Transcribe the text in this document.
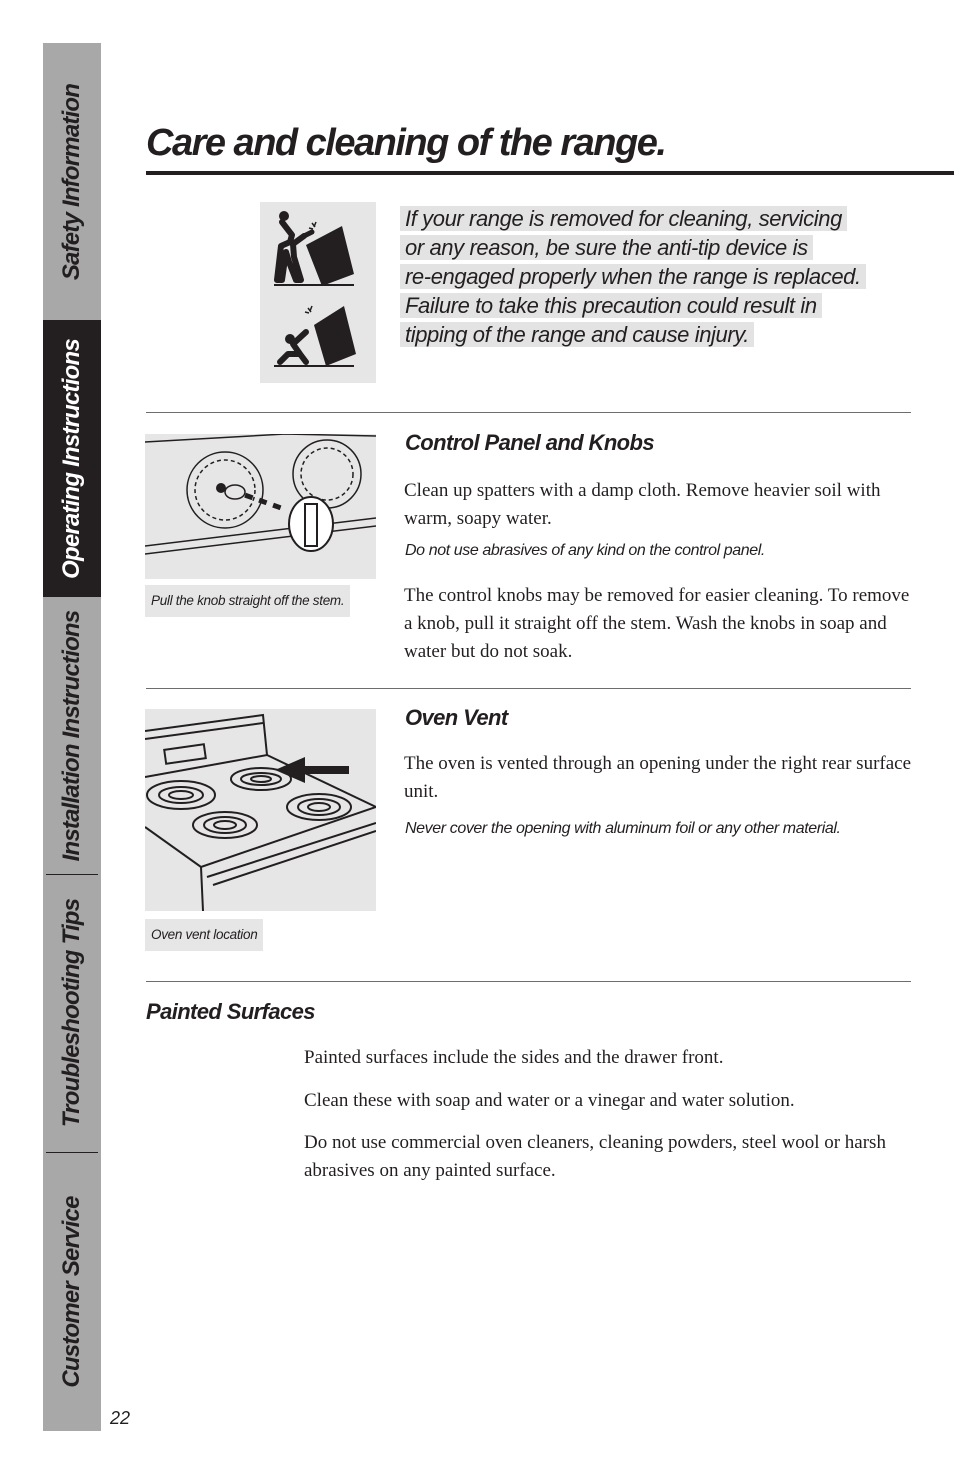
Safety Information
Operating Instructions
Installation Instructions
Troubleshooting Tips
Customer Service
22
Care and cleaning of the range.
If your range is removed for cleaning, servicing
or any reason, be sure the anti-tip device is
re-engaged properly when the range is replaced.
Failure to take this precaution could result in
tipping of the range and cause injury.
Pull the knob straight off the stem.
Control Panel and Knobs

Clean up spatters with a damp cloth. Remove heavier soil with warm, soapy water.

Do not use abrasives of any kind on the control panel.

The control knobs may be removed for easier cleaning. To remove a knob, pull it straight off the stem. Wash the knobs in soap and water but do not soak.

Oven vent location
Oven Vent

The oven is vented through an opening under the right rear surface unit.

Never cover the opening with aluminum foil or any other material.

Painted Surfaces

Painted surfaces include the sides and the drawer front.

Clean these with soap and water or a vinegar and water solution.

Do not use commercial oven cleaners, cleaning powders, steel wool or harsh abrasives on any painted surface.
